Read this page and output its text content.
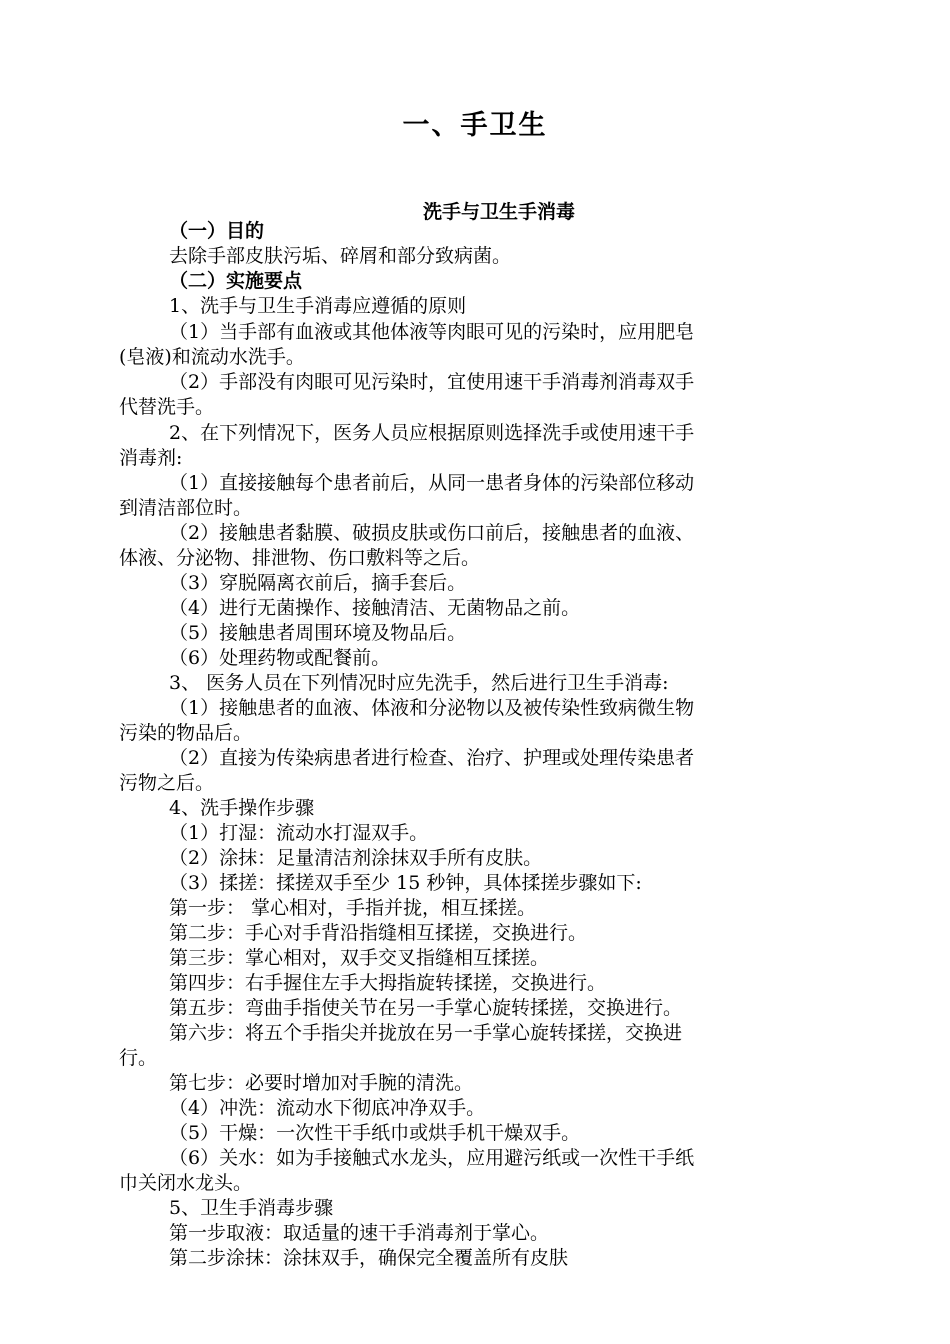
一、手卫生
洗手与卫生手消毒
（一）目的
去除手部皮肤污垢、碎屑和部分致病菌。
（二）实施要点
1、洗手与卫生手消毒应遵循的原则
（1）当手部有血液或其他体液等肉眼可见的污染时，应用肥皂
(皂液)和流动水洗手。
（2）手部没有肉眼可见污染时，宜使用速干手消毒剂消毒双手
代替洗手。
2、在下列情况下，医务人员应根据原则选择洗手或使用速干手
消毒剂:
（1）直接接触每个患者前后，从同一患者身体的污染部位移动
到清洁部位时。
（2）接触患者黏膜、破损皮肤或伤口前后，接触患者的血液、
体液、分泌物、排泄物、伤口敷料等之后。
（3）穿脱隔离衣前后，摘手套后。
（4）进行无菌操作、接触清洁、无菌物品之前。
（5）接触患者周围环境及物品后。
（6）处理药物或配餐前。
3、 医务人员在下列情况时应先洗手，然后进行卫生手消毒:
（1）接触患者的血液、体液和分泌物以及被传染性致病微生物
污染的物品后。
（2）直接为传染病患者进行检查、治疗、护理或处理传染患者
污物之后。
4、洗手操作步骤
（1）打湿：流动水打湿双手。
（2）涂抹：足量清洁剂涂抹双手所有皮肤。
（3）揉搓：揉搓双手至少 15 秒钟，具体揉搓步骤如下:
第一步： 掌心相对，手指并拢，相互揉搓。
第二步：手心对手背沿指缝相互揉搓，交换进行。
第三步：掌心相对，双手交叉指缝相互揉搓。
第四步：右手握住左手大拇指旋转揉搓，交换进行。
第五步：弯曲手指使关节在另一手掌心旋转揉搓，交换进行。
第六步：将五个手指尖并拢放在另一手掌心旋转揉搓，交换进
行。
第七步：必要时增加对手腕的清洗。
（4）冲洗：流动水下彻底冲净双手。
（5）干燥：一次性干手纸巾或烘手机干燥双手。
（6）关水：如为手接触式水龙头，应用避污纸或一次性干手纸
巾关闭水龙头。
5、卫生手消毒步骤
第一步取液：取适量的速干手消毒剂于掌心。
第二步涂抹：涂抹双手，确保完全覆盖所有皮肤
